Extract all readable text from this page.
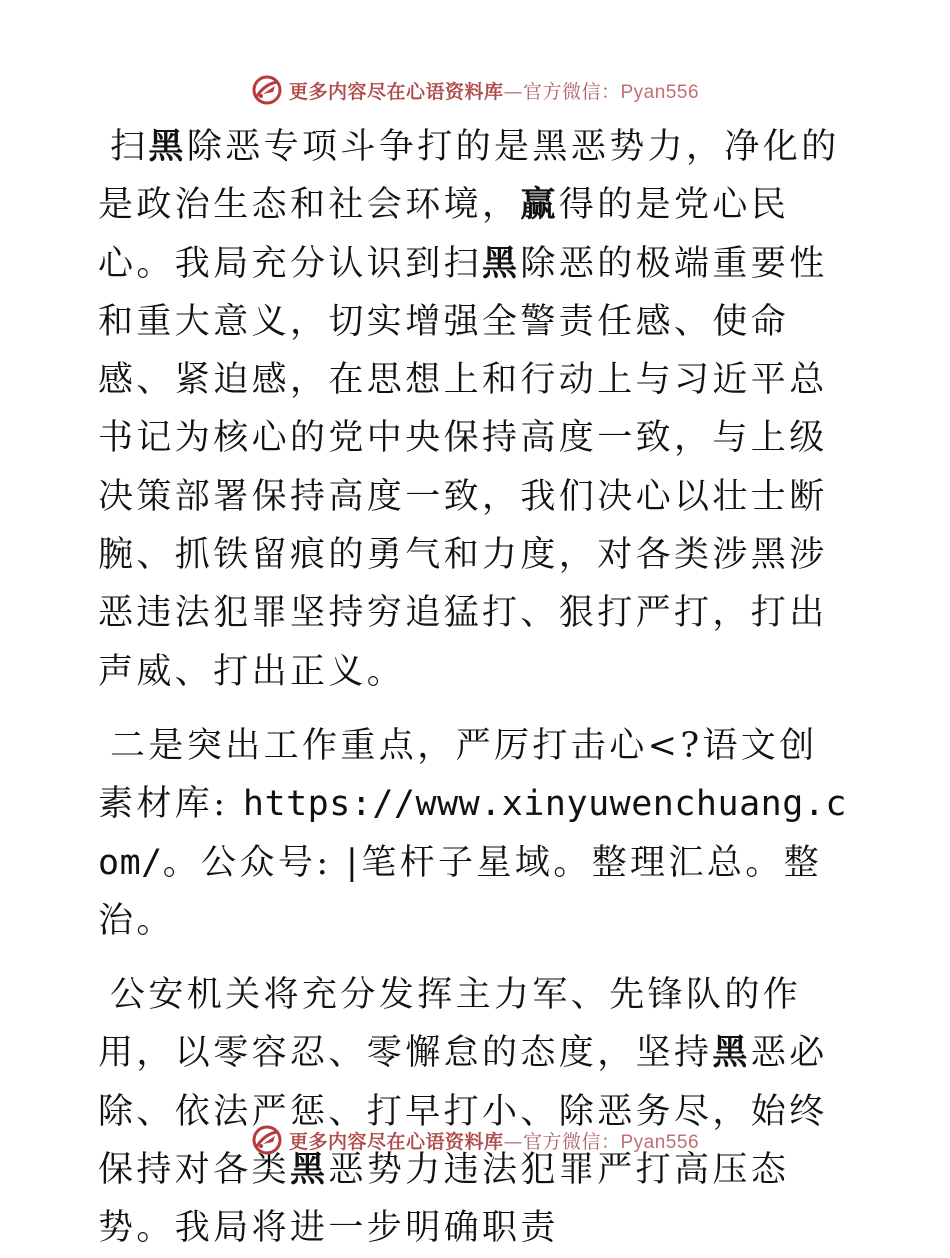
更多内容尽在心语资料库—官方微信：Pyan556

扫黑除恶专项斗争打的是黑恶势力，净化的是政治生态和社会环境，赢得的是党心民心。我局充分认识到扫黑除恶的极端重要性和重大意义，切实增强全警责任感、使命感、紧迫感，在思想上和行动上与习近平总书记为核心的党中央保持高度一致，与上级决策部署保持高度一致，我们决心以壮士断腕、抓铁留痕的勇气和力度，对各类涉黑涉恶违法犯罪坚持穷追猛打、狠打严打，打出声威、打出正义。

二是突出工作重点，严厉打击心<?语文创素材库: https://www.xinyuwenchuang.com/。公众号: |笔杆子星域。整理汇总。整治。

公安机关将充分发挥主力军、先锋队的作用，以零容忍、零懈怠的态度，坚持黑恶必除、依法严惩、打早打小、除恶务尽，始终保持对各类黑恶势力违法犯罪严打高压态势。我局将进一步明确职责

更多内容尽在心语资料库—官方微信：Pyan556
